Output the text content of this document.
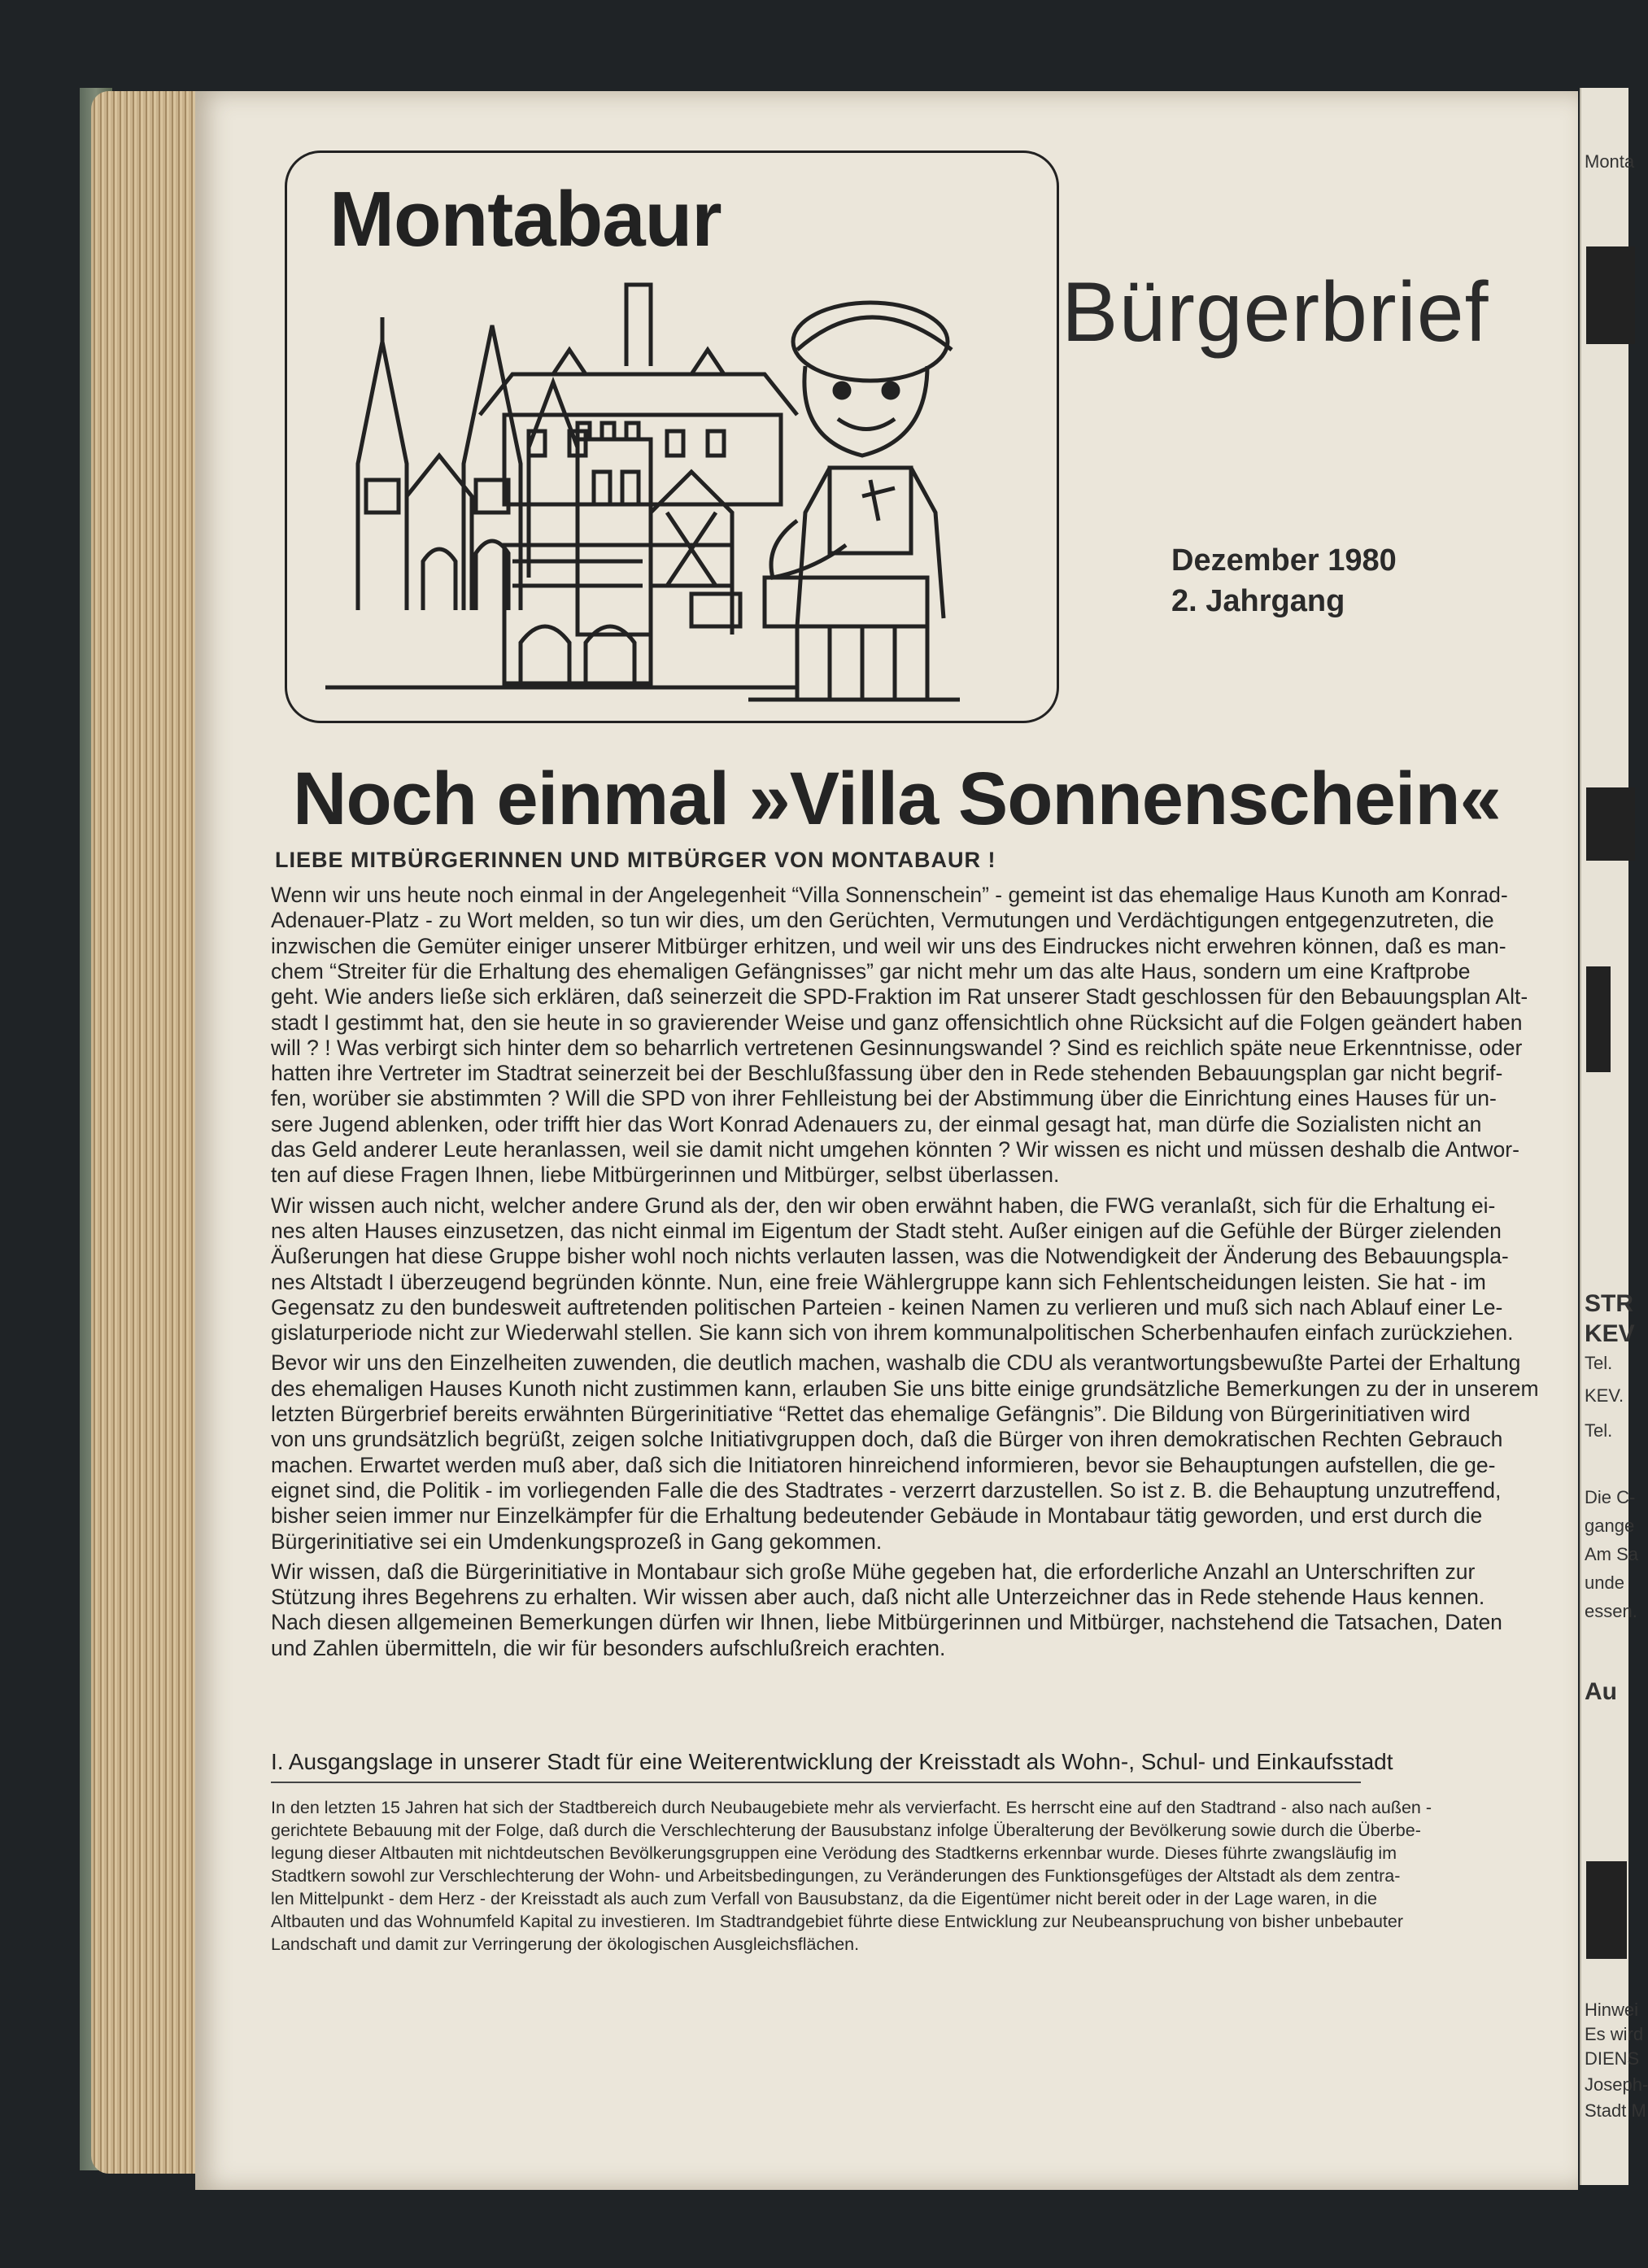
Montabaur
Bürgerbrief
Dezember 1980
2. Jahrgang
Noch einmal »Villa Sonnenschein«
LIEBE MITBÜRGERINNEN UND MITBÜRGER VON MONTABAUR !
Wenn wir uns heute noch einmal in der Angelegenheit “Villa Sonnenschein” - gemeint ist das ehemalige Haus Kunoth am Konrad-
Adenauer-Platz - zu Wort melden, so tun wir dies, um den Gerüchten, Vermutungen und Verdächtigungen entgegenzutreten, die
inzwischen die Gemüter einiger unserer Mitbürger erhitzen, und weil wir uns des Eindruckes nicht erwehren können, daß es man-
chem “Streiter für die Erhaltung des ehemaligen Gefängnisses” gar nicht mehr um das alte Haus, sondern um eine Kraftprobe
geht. Wie anders ließe sich erklären, daß seinerzeit die SPD-Fraktion im Rat unserer Stadt geschlossen für den Bebauungsplan Alt-
stadt I gestimmt hat, den sie heute in so gravierender Weise und ganz offensichtlich ohne Rücksicht auf die Folgen geändert haben
will ? ! Was verbirgt sich hinter dem so beharrlich vertretenen Gesinnungswandel ? Sind es reichlich späte neue Erkenntnisse, oder
hatten ihre Vertreter im Stadtrat seinerzeit bei der Beschlußfassung über den in Rede stehenden Bebauungsplan gar nicht begrif-
fen, worüber sie abstimmten ? Will die SPD von ihrer Fehlleistung bei der Abstimmung über die Einrichtung eines Hauses für un-
sere Jugend ablenken, oder trifft hier das Wort Konrad Adenauers zu, der einmal gesagt hat, man dürfe die Sozialisten nicht an
das Geld anderer Leute heranlassen, weil sie damit nicht umgehen könnten ? Wir wissen es nicht und müssen deshalb die Antwor-
ten auf diese Fragen Ihnen, liebe Mitbürgerinnen und Mitbürger, selbst überlassen.
Wir wissen auch nicht, welcher andere Grund als der, den wir oben erwähnt haben, die FWG veranlaßt, sich für die Erhaltung ei-
nes alten Hauses einzusetzen, das nicht einmal im Eigentum der Stadt steht. Außer einigen auf die Gefühle der Bürger zielenden
Äußerungen hat diese Gruppe bisher wohl noch nichts verlauten lassen, was die Notwendigkeit der Änderung des Bebauungspla-
nes Altstadt I überzeugend begründen könnte. Nun, eine freie Wählergruppe kann sich Fehlentscheidungen leisten. Sie hat - im
Gegensatz zu den bundesweit auftretenden politischen Parteien - keinen Namen zu verlieren und muß sich nach Ablauf einer Le-
gislaturperiode nicht zur Wiederwahl stellen. Sie kann sich von ihrem kommunalpolitischen Scherbenhaufen einfach zurückziehen.
Bevor wir uns den Einzelheiten zuwenden, die deutlich machen, washalb die CDU als verantwortungsbewußte Partei der Erhaltung
des ehemaligen Hauses Kunoth nicht zustimmen kann, erlauben Sie uns bitte einige grundsätzliche Bemerkungen zu der in unserem
letzten Bürgerbrief bereits erwähnten Bürgerinitiative “Rettet das ehemalige Gefängnis”. Die Bildung von Bürgerinitiativen wird
von uns grundsätzlich begrüßt, zeigen solche Initiativgruppen doch, daß die Bürger von ihren demokratischen Rechten Gebrauch
machen. Erwartet werden muß aber, daß sich die Initiatoren hinreichend informieren, bevor sie Behauptungen aufstellen, die ge-
eignet sind, die Politik - im vorliegenden Falle die des Stadtrates - verzerrt darzustellen. So ist z. B. die Behauptung unzutreffend,
bisher seien immer nur Einzelkämpfer für die Erhaltung bedeutender Gebäude in Montabaur tätig geworden, und erst durch die
Bürgerinitiative sei ein Umdenkungsprozeß in Gang gekommen.
Wir wissen, daß die Bürgerinitiative in Montabaur sich große Mühe gegeben hat, die erforderliche Anzahl an Unterschriften zur
Stützung ihres Begehrens zu erhalten. Wir wissen aber auch, daß nicht alle Unterzeichner das in Rede stehende Haus kennen.
Nach diesen allgemeinen Bemerkungen dürfen wir Ihnen, liebe Mitbürgerinnen und Mitbürger, nachstehend die Tatsachen, Daten
und Zahlen übermitteln, die wir für besonders aufschlußreich erachten.
I. Ausgangslage in unserer Stadt für eine Weiterentwicklung der Kreisstadt als Wohn-, Schul- und Einkaufsstadt
In den letzten 15 Jahren hat sich der Stadtbereich durch Neubaugebiete mehr als vervierfacht. Es herrscht eine auf den Stadtrand - also nach außen -
gerichtete Bebauung mit der Folge, daß durch die Verschlechterung der Bausubstanz infolge Überalterung der Bevölkerung sowie durch die Überbe-
legung dieser Altbauten mit nichtdeutschen Bevölkerungsgruppen eine Verödung des Stadtkerns erkennbar wurde. Dieses führte zwangsläufig im
Stadtkern sowohl zur Verschlechterung der Wohn- und Arbeitsbedingungen, zu Veränderungen des Funktionsgefüges der Altstadt als dem zentra-
len Mittelpunkt - dem Herz - der Kreisstadt als auch zum Verfall von Bausubstanz, da die Eigentümer nicht bereit oder in der Lage waren, in die
Altbauten und das Wohnumfeld Kapital zu investieren. Im Stadtrandgebiet führte diese Entwicklung zur Neubeanspruchung von bisher unbebauter
Landschaft und damit zur Verringerung der ökologischen Ausgleichsflächen.
Monta
STR
KEV
Tel.
KEV.
Tel.
Die C-
gange
Am Sa
unde
essen.
Au
Hinwei
Es wird
DIENS
Joseph-
Stadt M
